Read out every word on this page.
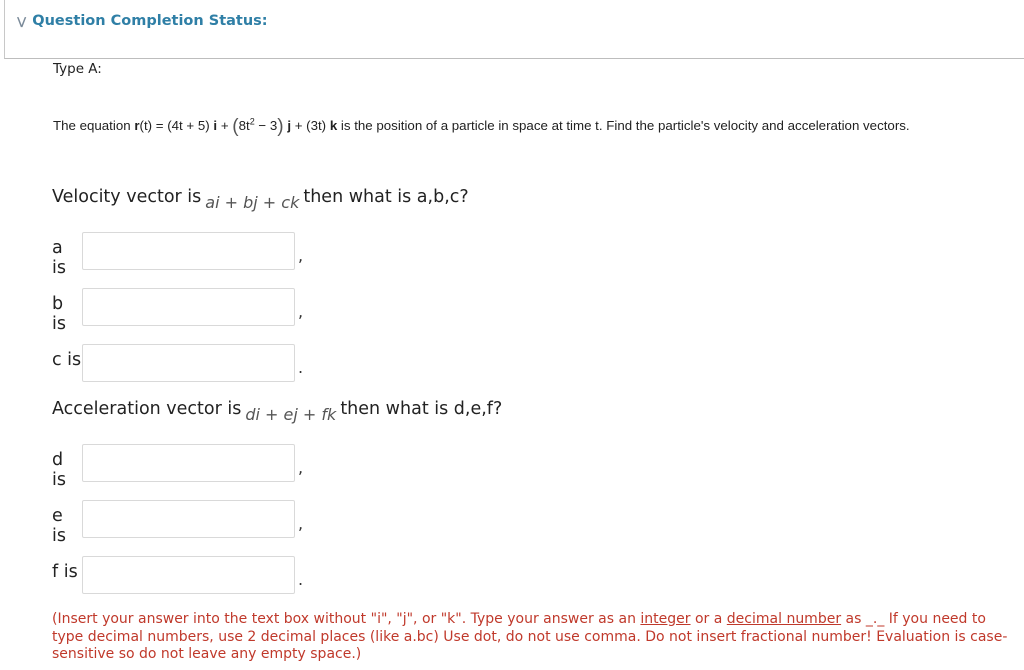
⋁ Question Completion Status:
Type A:
The equation r(t) = (4t + 5) $i + (8t^2 - 3) j + (3t)$ k is the position of a particle in space at time t. Find the particle's velocity and acceleration vectors.
Velocity vector is ai + bj + ck then what is a,b,c?
a is
,
b is
,
c is	.
Acceleration vector is di + ej + fk then what is d,e,f?
d is
,
e is
,
f is	.
(Insert your answer into the text box without "i", "j", or "k". Type your answer as an integer or a decimal number as _._ If you need to type decimal numbers, use 2 decimal places (like a.bc) Use dot, do not use comma. Do not insert fractional number! Evaluation is case-sensitive so do not leave any empty space.)
